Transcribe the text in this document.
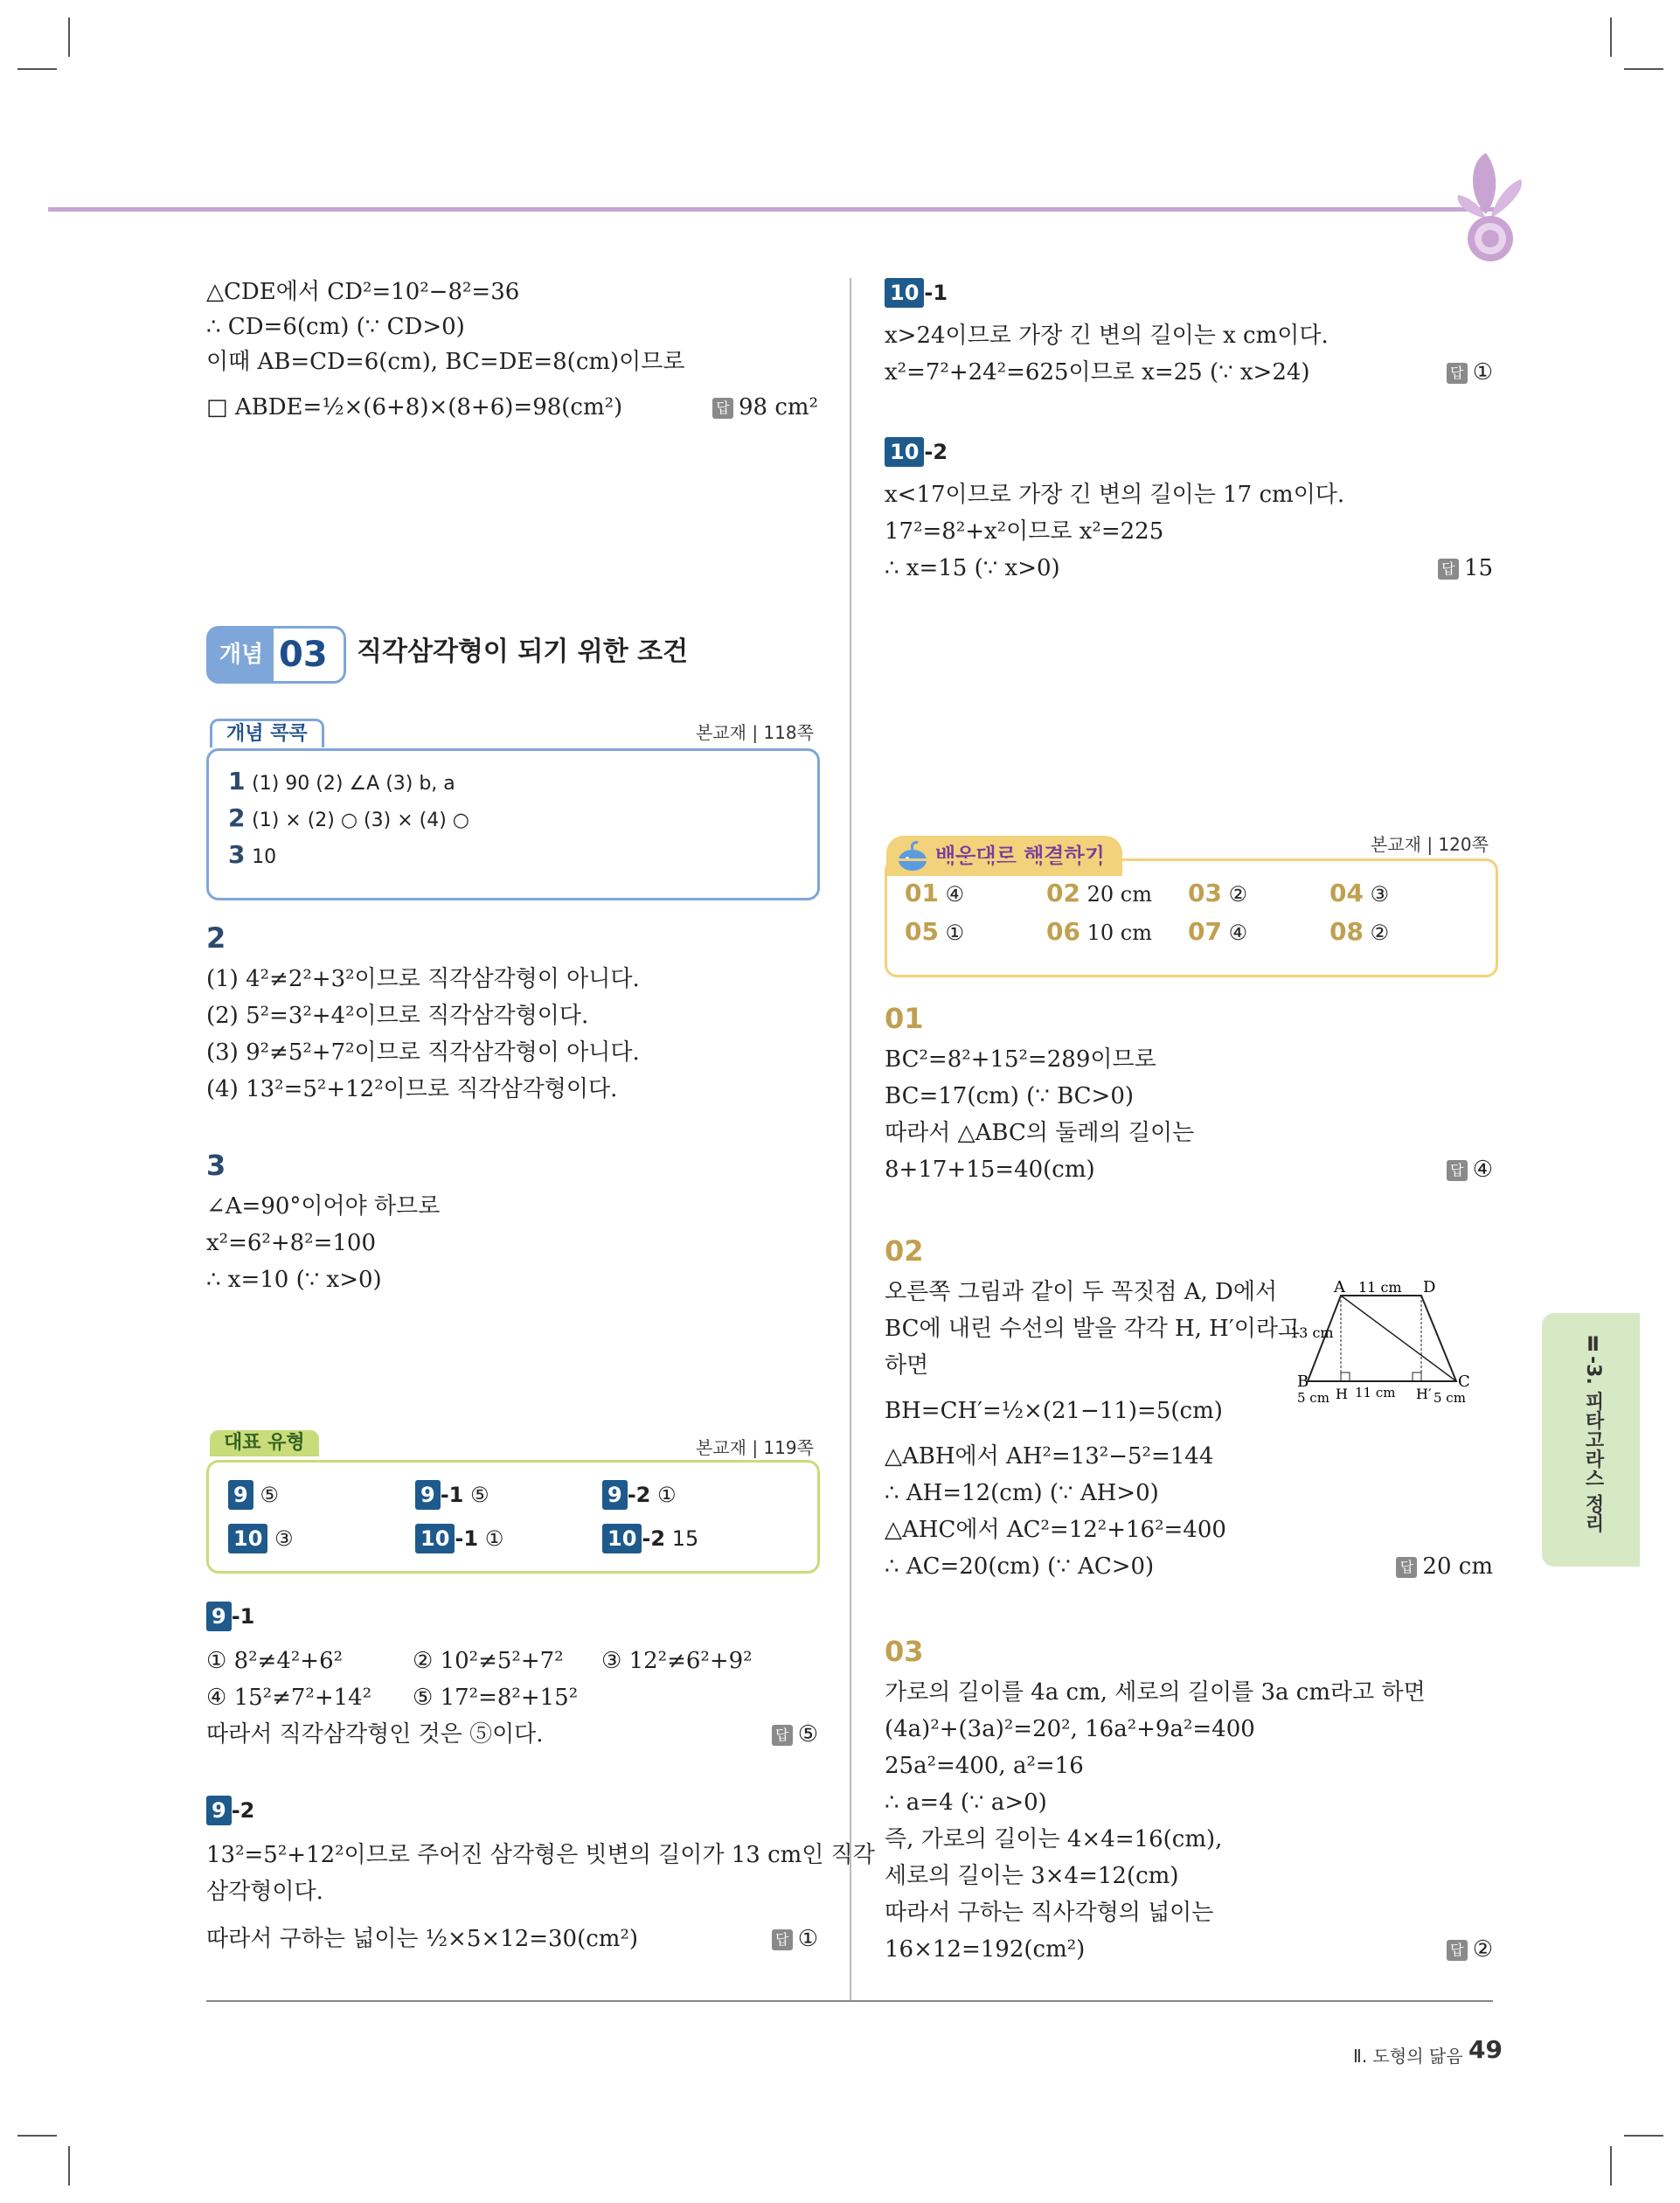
△CDE에서 CD²=10²−8²=36
∴ CD=6(cm) (∵ CD>0)
이때 AB=CD=6(cm), BC=DE=8(cm)이므로
□ ABDE=½×(6+8)×(8+6)=98(cm²)	답 98 cm²
개념 03 직각삼각형이 되기 위한 조건
개념 콕콕	본교재 | 118쪽
1 (1) 90 (2) ∠A (3) b, a
2 (1) × (2) ○ (3) × (4) ○
3 10
2
(1) 4²≠2²+3²이므로 직각삼각형이 아니다.
(2) 5²=3²+4²이므로 직각삼각형이다.
(3) 9²≠5²+7²이므로 직각삼각형이 아니다.
(4) 13²=5²+12²이므로 직각삼각형이다.
3
∠A=90°이어야 하므로
x²=6²+8²=100
∴ x=10 (∵ x>0)
대표 유형	본교재 | 119쪽
9 ⑤	9 -1 ⑤	9 -2 ①
10 ③	10 -1 ①	10 -2 15
9 -1
① 8²≠4²+6²	② 10²≠5²+7² ③ 12²≠6²+9²
④ 15²≠7²+14² ⑤ 17²=8²+15²
따라서 직각삼각형인 것은 ⑤이다.	답 ⑤
9 -2
13²=5²+12²이므로 주어진 삼각형은 빗변의 길이가 13 cm인 직각
삼각형이다.
따라서 구하는 넓이는 ½×5×12=30(cm²)	답 ①
10 -1
x>24이므로 가장 긴 변의 길이는 x cm이다.
x²=7²+24²=625이므로 x=25 (∵ x>24)	답 ①
10 -2
x<17이므로 가장 긴 변의 길이는 17 cm이다.
17²=8²+x²이므로 x²=225
∴ x=15 (∵ x>0)	답 15
배운대로 해결하기	본교재 | 120쪽
01 ④	02 20 cm 03 ②	04 ③
05 ①	06 10 cm 07 ④	08 ②
01
BC²=8²+15²=289이므로
BC=17(cm) (∵ BC>0)
따라서 △ABC의 둘레의 길이는
8+17+15=40(cm)	답 ④
02
오른쪽 그림과 같이 두 꼭짓점 A, D에서
BC에 내린 수선의 발을 각각 H, H′이라고
하면
BH=CH′=½×(21−11)=5(cm)
△ABH에서 AH²=13²−5²=144
∴ AH=12(cm) (∵ AH>0)
△AHC에서 AC²=12²+16²=400
∴ AC=20(cm) (∵ AC>0)	답 20 cm
A	D
B	C
H	H′
11 cm
13 cm
5 cm 11 cm	5 cm
03
가로의 길이를 4a cm, 세로의 길이를 3a cm라고 하면
(4a)²+(3a)²=20², 16a²+9a²=400
25a²=400, a²=16
∴ a=4 (∵ a>0)
즉, 가로의 길이는 4×4=16(cm),
세로의 길이는 3×4=12(cm)
따라서 구하는 직사각형의 넓이는
16×12=192(cm²)	답 ②
Ⅱ-3. 피타고라스 정리
Ⅱ. 도형의 닮음 49
